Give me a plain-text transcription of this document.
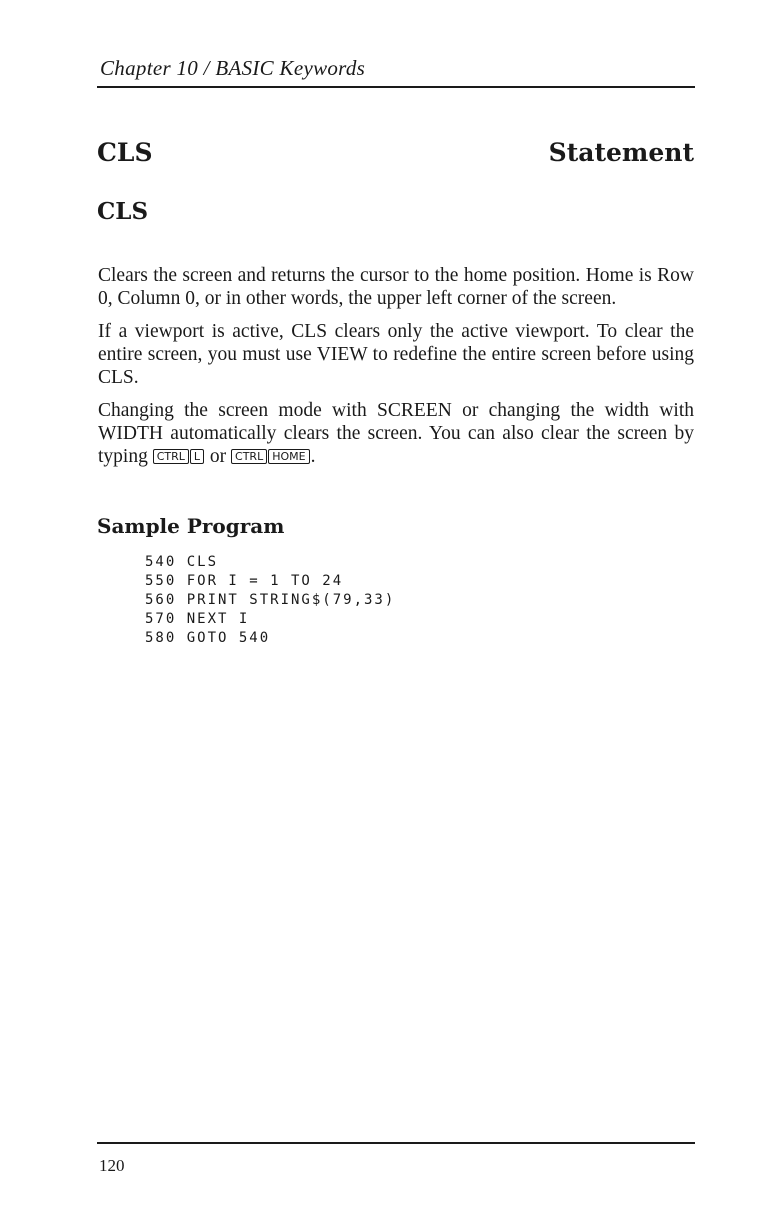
Chapter 10 / BASIC Keywords
CLS	Statement
CLS

Clears the screen and returns the cursor to the home position. Home is Row 0, Column 0, or in other words, the upper left corner of the screen.

If a viewport is active, CLS clears only the active viewport. To clear the entire screen, you must use VIEW to redefine the entire screen before using CLS.

Changing the screen mode with SCREEN or changing the width with WIDTH automatically clears the screen. You can also clear the screen by typing CTRL L or CTRL HOME .

Sample Program
540 CLS
550 FOR I = 1 TO 24
560 PRINT STRING$(79,33)
570 NEXT I
580 GOTO 540
120
